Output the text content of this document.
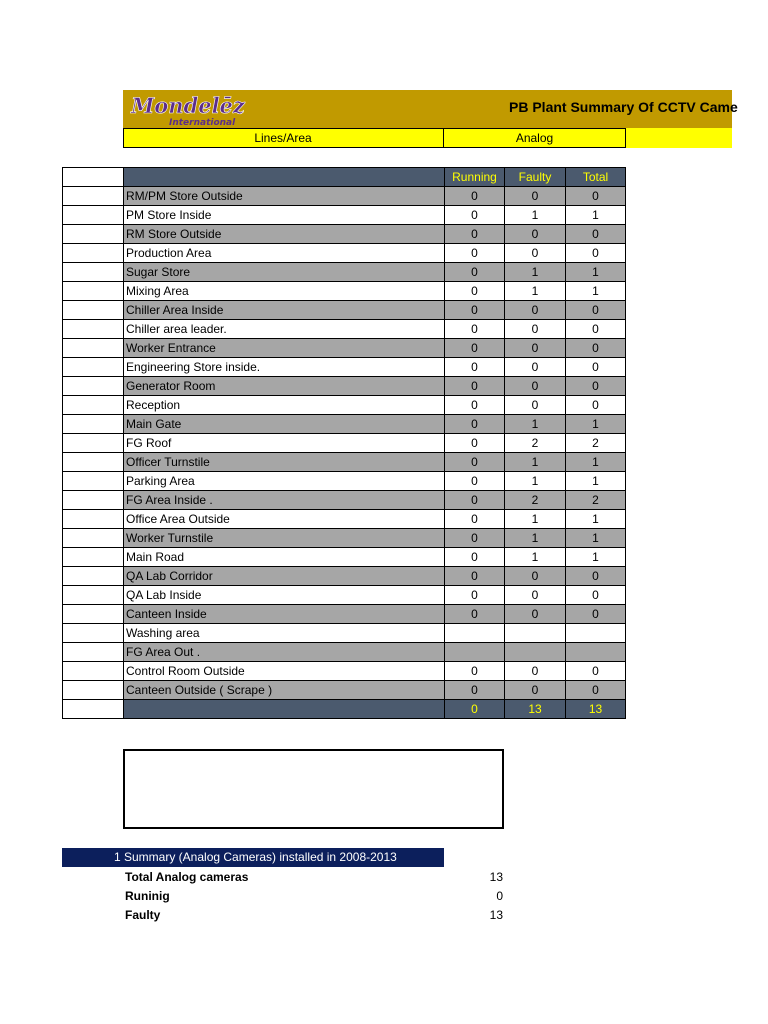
Mondelēz
International
PB Plant Summary Of CCTV Came
Lines/Area	Analog
		Running	Faulty	Total
	RM/PM Store Outside	0	0	0
	PM Store Inside	0	1	1
	RM Store Outside	0	0	0
	Production Area	0	0	0
	Sugar Store	0	1	1
	Mixing Area	0	1	1
	Chiller Area Inside	0	0	0
	Chiller area leader.	0	0	0
	Worker Entrance	0	0	0
	Engineering Store inside.	0	0	0
	Generator Room	0	0	0
	Reception	0	0	0
	Main Gate	0	1	1
	FG Roof	0	2	2
	Officer Turnstile	0	1	1
	Parking Area	0	1	1
	FG Area Inside .	0	2	2
	Office Area Outside	0	1	1
	Worker Turnstile	0	1	1
	Main Road	0	1	1
	QA Lab Corridor	0	0	0
	QA Lab Inside	0	0	0
	Canteen Inside	0	0	0
	Washing area			
	FG Area Out .			
	Control Room Outside	0	0	0
	Canteen Outside ( Scrape )	0	0	0
		0	13	13
1 Summary (Analog Cameras) installed in 2008-2013
Total Analog cameras	13
Runinig	0
Faulty	13
